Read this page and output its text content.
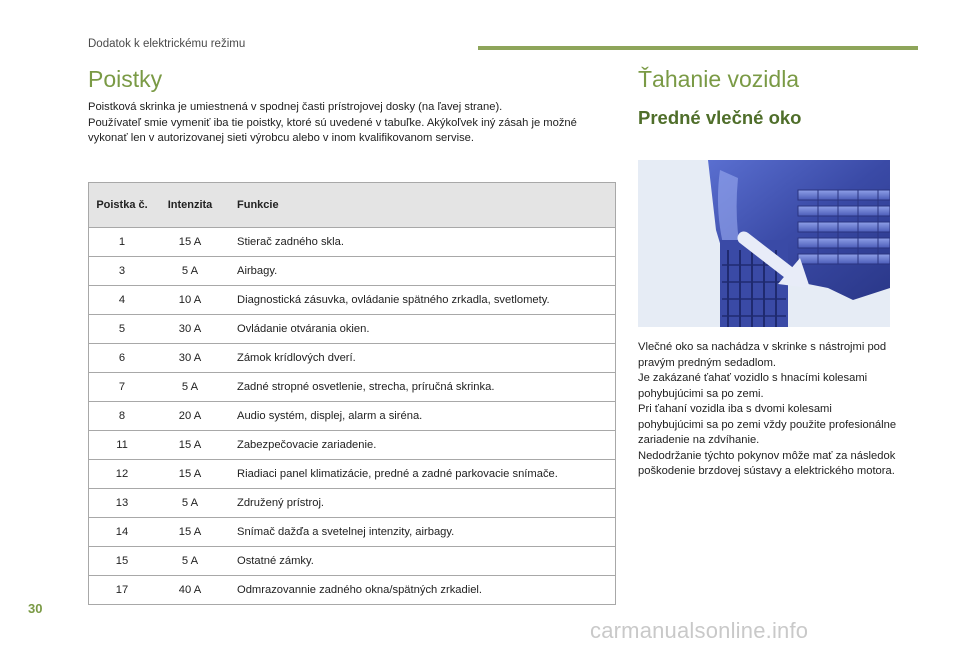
Dodatok k elektrickému režimu
Poistky

Poistková skrinka je umiestnená v spodnej časti prístrojovej dosky (na ľavej strane).

Používateľ smie vymeniť iba tie poistky, ktoré sú uvedené v tabuľke. Akýkoľvek iný zásah je možné vykonať len v autorizovanej sieti výrobcu alebo v inom kvalifikovanom servise.

Poistka č.	Intenzita	Funkcie
1	15 A	Stierač zadného skla.
3	5 A	Airbagy.
4	10 A	Diagnostická zásuvka, ovládanie spätného zrkadla, svetlomety.
5	30 A	Ovládanie otvárania okien.
6	30 A	Zámok krídlových dverí.
7	5 A	Zadné stropné osvetlenie, strecha, príručná skrinka.
8	20 A	Audio systém, displej, alarm a siréna.
11	15 A	Zabezpečovacie zariadenie.
12	15 A	Riadiaci panel klimatizácie, predné a zadné parkovacie snímače.
13	5 A	Združený prístroj.
14	15 A	Snímač dažďa a svetelnej intenzity, airbagy.
15	5 A	Ostatné zámky.
17	40 A	Odmrazovannie zadného okna/spätných zrkadiel.
Ťahanie vozidla
Predné vlečné oko

Vlečné oko sa nachádza v skrinke s nástrojmi pod pravým predným sedadlom.

Je zakázané ťahať vozidlo s hnacími kolesami pohybujúcimi sa po zemi.

Pri ťahaní vozidla iba s dvomi kolesami pohybujúcimi sa po zemi vždy použite profesionálne zariadenie na zdvíhanie.

Nedodržanie týchto pokynov môže mať za následok poškodenie brzdovej sústavy a elektrického motora.

30
carmanualsonline.info
